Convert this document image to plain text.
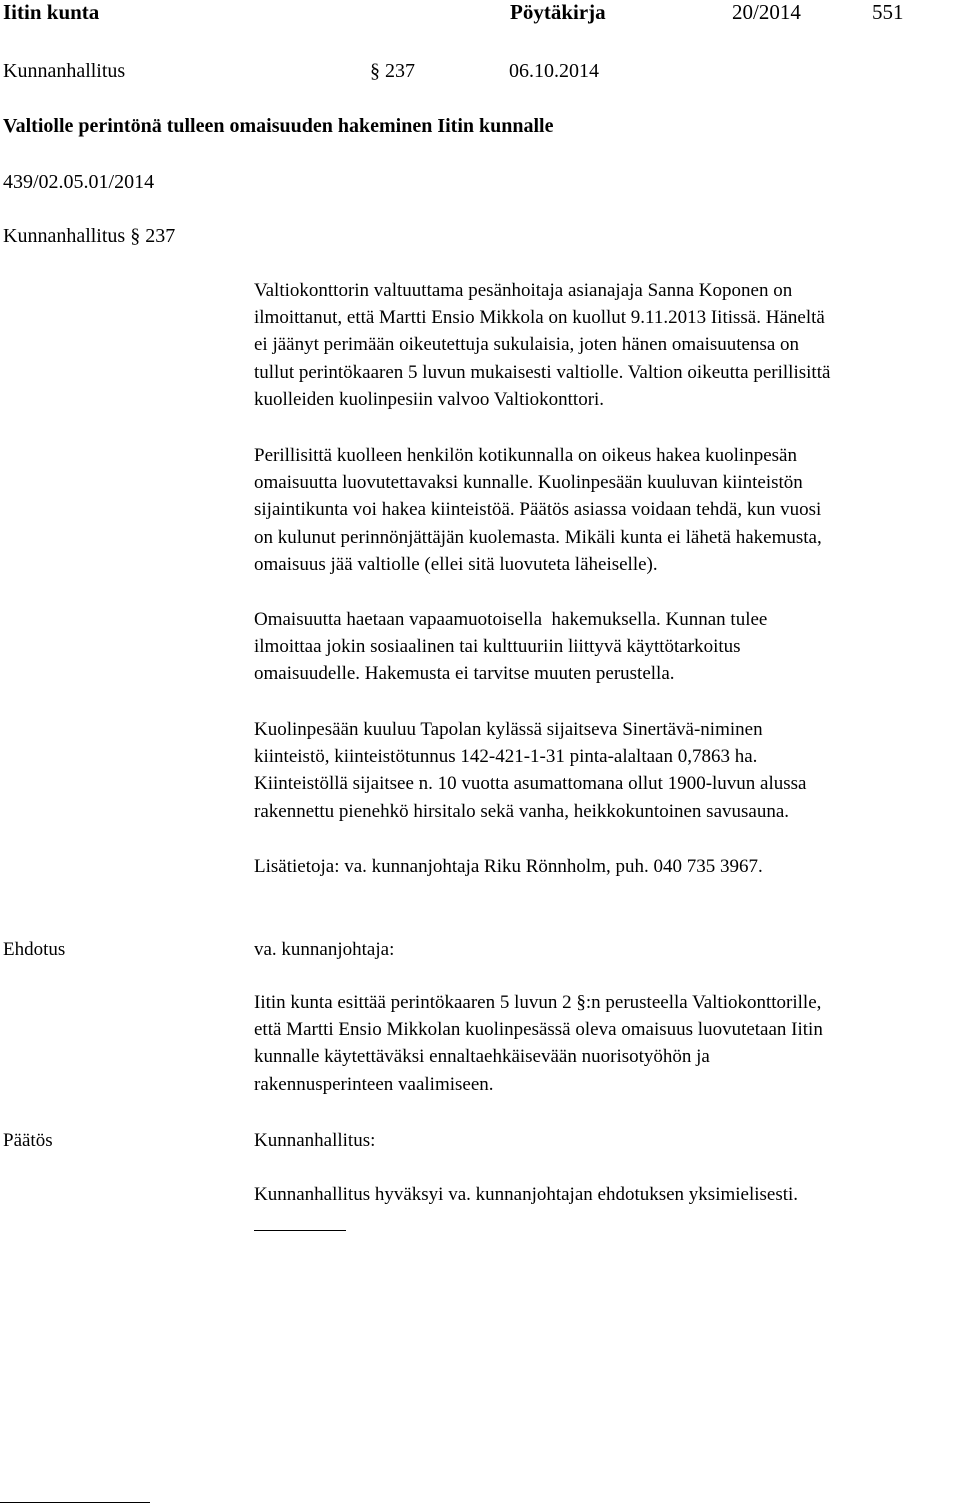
Iitin kunta	Pöytäkirja	20/2014	551
Kunnanhallitus	§ 237	06.10.2014
Valtiolle perintönä tulleen omaisuuden hakeminen Iitin kunnalle
439/02.05.01/2014
Kunnanhallitus § 237

Valtiokonttorin valtuuttama pesänhoitaja asianajaja Sanna Koponen on

ilmoittanut, että Martti Ensio Mikkola on kuollut 9.11.2013 Iitissä. Häneltä

ei jäänyt perimään oikeutettuja sukulaisia, joten hänen omaisuutensa on

tullut perintökaaren 5 luvun mukaisesti valtiolle. Valtion oikeutta perillisittä

kuolleiden kuolinpesiin valvoo Valtiokonttori.

Perillisittä kuolleen henkilön kotikunnalla on oikeus hakea kuolinpesän

omaisuutta luovutettavaksi kunnalle. Kuolinpesään kuuluvan kiinteistön

sijaintikunta voi hakea kiinteistöä. Päätös asiassa voidaan tehdä, kun vuosi

on kulunut perinnönjättäjän kuolemasta. Mikäli kunta ei lähetä hakemusta,

omaisuus jää valtiolle (ellei sitä luovuteta läheiselle).

Omaisuutta haetaan vapaamuotoisella  hakemuksella. Kunnan tulee

ilmoittaa jokin sosiaalinen tai kulttuuriin liittyvä käyttötarkoitus

omaisuudelle. Hakemusta ei tarvitse muuten perustella.

Kuolinpesään kuuluu Tapolan kylässä sijaitseva Sinertävä-niminen

kiinteistö, kiinteistötunnus 142-421-1-31 pinta-alaltaan 0,7863 ha.

Kiinteistöllä sijaitsee n. 10 vuotta asumattomana ollut 1900-luvun alussa

rakennettu pienehkö hirsitalo sekä vanha, heikkokuntoinen savusauna.

Lisätietoja: va. kunnanjohtaja Riku Rönnholm, puh. 040 735 3967.

Ehdotus	va. kunnanjohtaja:

Iitin kunta esittää perintökaaren 5 luvun 2 §:n perusteella Valtiokonttorille,

että Martti Ensio Mikkolan kuolinpesässä oleva omaisuus luovutetaan Iitin

kunnalle käytettäväksi ennaltaehkäisevään nuorisotyöhön ja

rakennusperinteen vaalimiseen.

Päätös	Kunnanhallitus:

Kunnanhallitus hyväksyi va. kunnanjohtajan ehdotuksen yksimielisesti.
